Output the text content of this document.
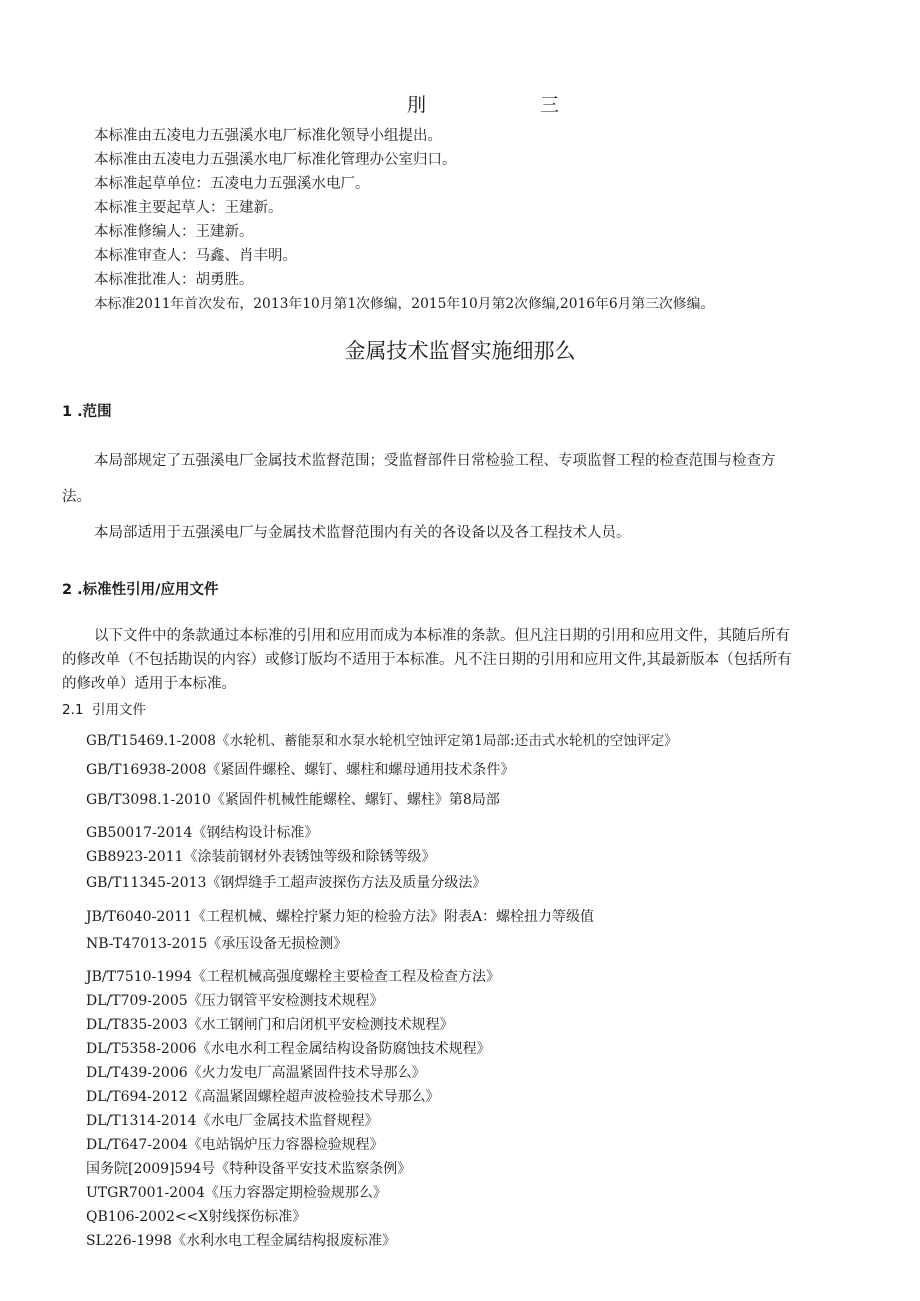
刖 三
本标准由五凌电力五强溪水电厂标准化领导小组提出。
本标准由五凌电力五强溪水电厂标准化管理办公室归口。
本标准起草单位：五凌电力五强溪水电厂。
本标准主要起草人：王建新。
本标准修编人：王建新。
本标准审查人：马鑫、肖丰明。
本标准批准人：胡勇胜。
本标准2011年首次发布，2013年10月第1次修编，2015年10月第2次修编,2016年6月第三次修编。
金属技术监督实施细那么
1 .范围
本局部规定了五强溪电厂金属技术监督范围；受监督部件日常检验工程、专项监督工程的检查范围与检查方
法。
本局部适用于五强溪电厂与金属技术监督范围内有关的各设备以及各工程技术人员。
2 .标准性引用/应用文件
以下文件中的条款通过本标准的引用和应用而成为本标准的条款。但凡注日期的引用和应用文件，其随后所有
的修改单（不包括勘误的内容）或修订版均不适用于本标准。凡不注日期的引用和应用文件,其最新版本（包括所有
的修改单）适用于本标准。
2.1  引用文件
GB/T15469.1-2008《水轮机、蓄能泵和水泵水轮机空蚀评定第1局部:还击式水轮机的空蚀评定》
GB/T16938-2008《紧固件螺栓、螺钉、螺柱和螺母通用技术条件》
GB/T3098.1-2010《紧固件机械性能螺栓、螺钉、螺柱》第8局部
GB50017-2014《钢结构设计标准》
GB8923-2011《涂装前钢材外表锈蚀等级和除锈等级》
GB/T11345-2013《钢焊缝手工超声波探伤方法及质量分级法》
JB/T6040-2011《工程机械、螺栓拧紧力矩的检验方法》附表A：螺栓扭力等级值
NB-T47013-2015《承压设备无损检测》
JB/T7510-1994《工程机械高强度螺栓主要检查工程及检查方法》
DL/T709-2005《压力钢管平安检测技术规程》
DL/T835-2003《水工钢闸门和启闭机平安检测技术规程》
DL/T5358-2006《水电水利工程金属结构设备防腐蚀技术规程》
DL/T439-2006《火力发电厂高温紧固件技术导那么》
DL/T694-2012《高温紧固螺栓超声波检验技术导那么》
DL/T1314-2014《水电厂金属技术监督规程》
DL/T647-2004《电站锅炉压力容器检验规程》
国务院[2009]594号《特种设备平安技术监察条例》
UTGR7001-2004《压力容器定期检验规那么》
QB106-2002<<X射线探伤标准》
SL226-1998《水利水电工程金属结构报废标准》
